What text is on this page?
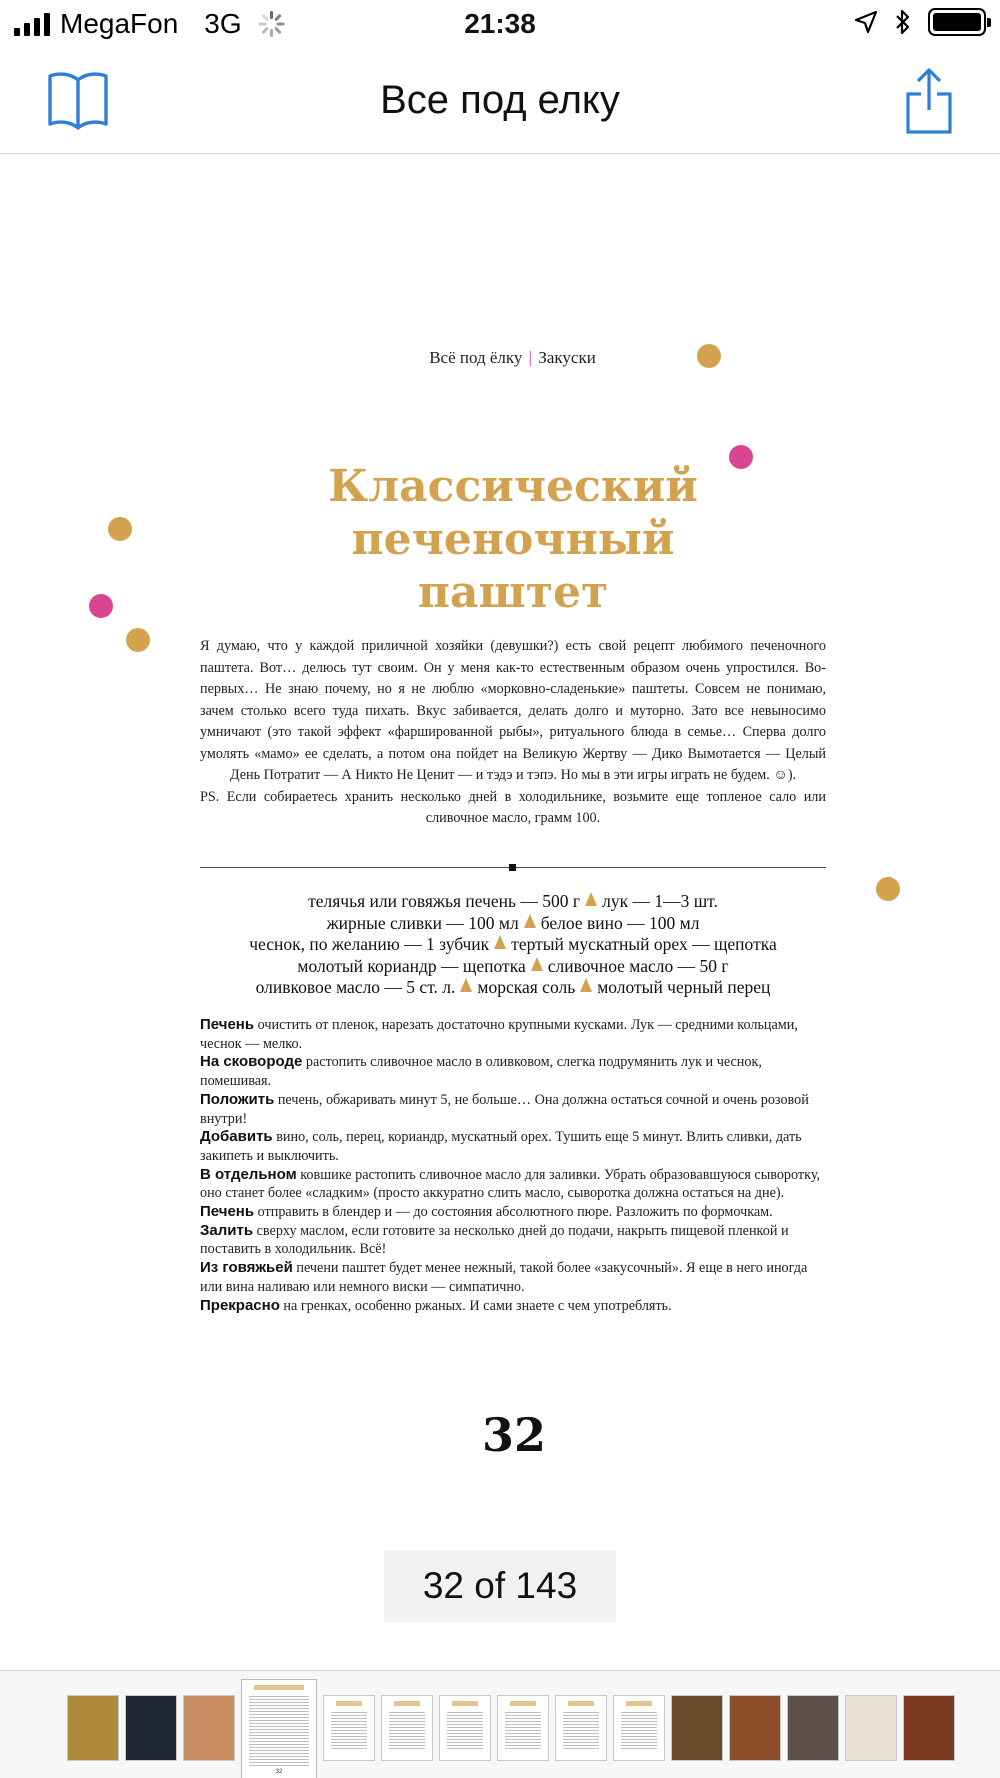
MegaFon 3G	21:38
Все под елку
Всё под ёлку | Закуски
Классический
печеночный
паштет

Я думаю, что у каждой приличной хозяйки (девушки?) есть свой рецепт любимого печеночного паштета. Вот… делюсь тут своим. Он у меня как-то естественным образом очень упростился. Во-первых… Не знаю почему, но я не люблю «морковно-сладенькие» паштеты. Совсем не понимаю, зачем столько всего туда пихать. Вкус забивается, делать долго и муторно. Зато все невыносимо умничают (это такой эффект «фаршированной рыбы», ритуального блюда в семье… Сперва долго умолять «мамо» ее сделать, а потом она пойдет на Великую Жертву — Дико Вымотается — Целый День Потратит — А Никто Не Ценит — и тэдэ и тэпэ. Но мы в эти игры играть не будем. ☺).

PS. Если собираетесь хранить несколько дней в холодильнике, возьмите еще топленое сало или сливочное масло, грамм 100.

телячья или говяжья печень — 500 г лук — 1—3 шт.
жирные сливки — 100 мл белое вино — 100 мл
чеснок, по желанию — 1 зубчик тертый мускатный орех — щепотка
молотый кориандр — щепотка сливочное масло — 50 г
оливковое масло — 5 ст. л. морская соль молотый черный перец
Печень очистить от пленок, нарезать достаточно крупными кусками. Лук — средними кольцами, чеснок — мелко.
На сковороде растопить сливочное масло в оливковом, слегка подрумянить лук и чеснок, помешивая.
Положить печень, обжаривать минут 5, не больше… Она должна остаться сочной и очень розовой внутри!
Добавить вино, соль, перец, кориандр, мускатный орех. Тушить еще 5 минут. Влить сливки, дать закипеть и выключить.
В отдельном ковшике растопить сливочное масло для заливки. Убрать образовавшуюся сыворотку, оно станет более «сладким» (просто аккуратно слить масло, сыворотка должна остаться на дне).
Печень отправить в блендер и — до состояния абсолютного пюре. Разложить по формочкам.
Залить сверху маслом, если готовите за несколько дней до подачи, накрыть пищевой пленкой и поставить в холодильник. Всё!
Из говяжьей печени паштет будет менее нежный, такой более «закусочный». Я еще в него иногда или вина наливаю или немного виски — симпатично.
Прекрасно на гренках, особенно ржаных. И сами знаете с чем употреблять.
32
32 of 143
32
